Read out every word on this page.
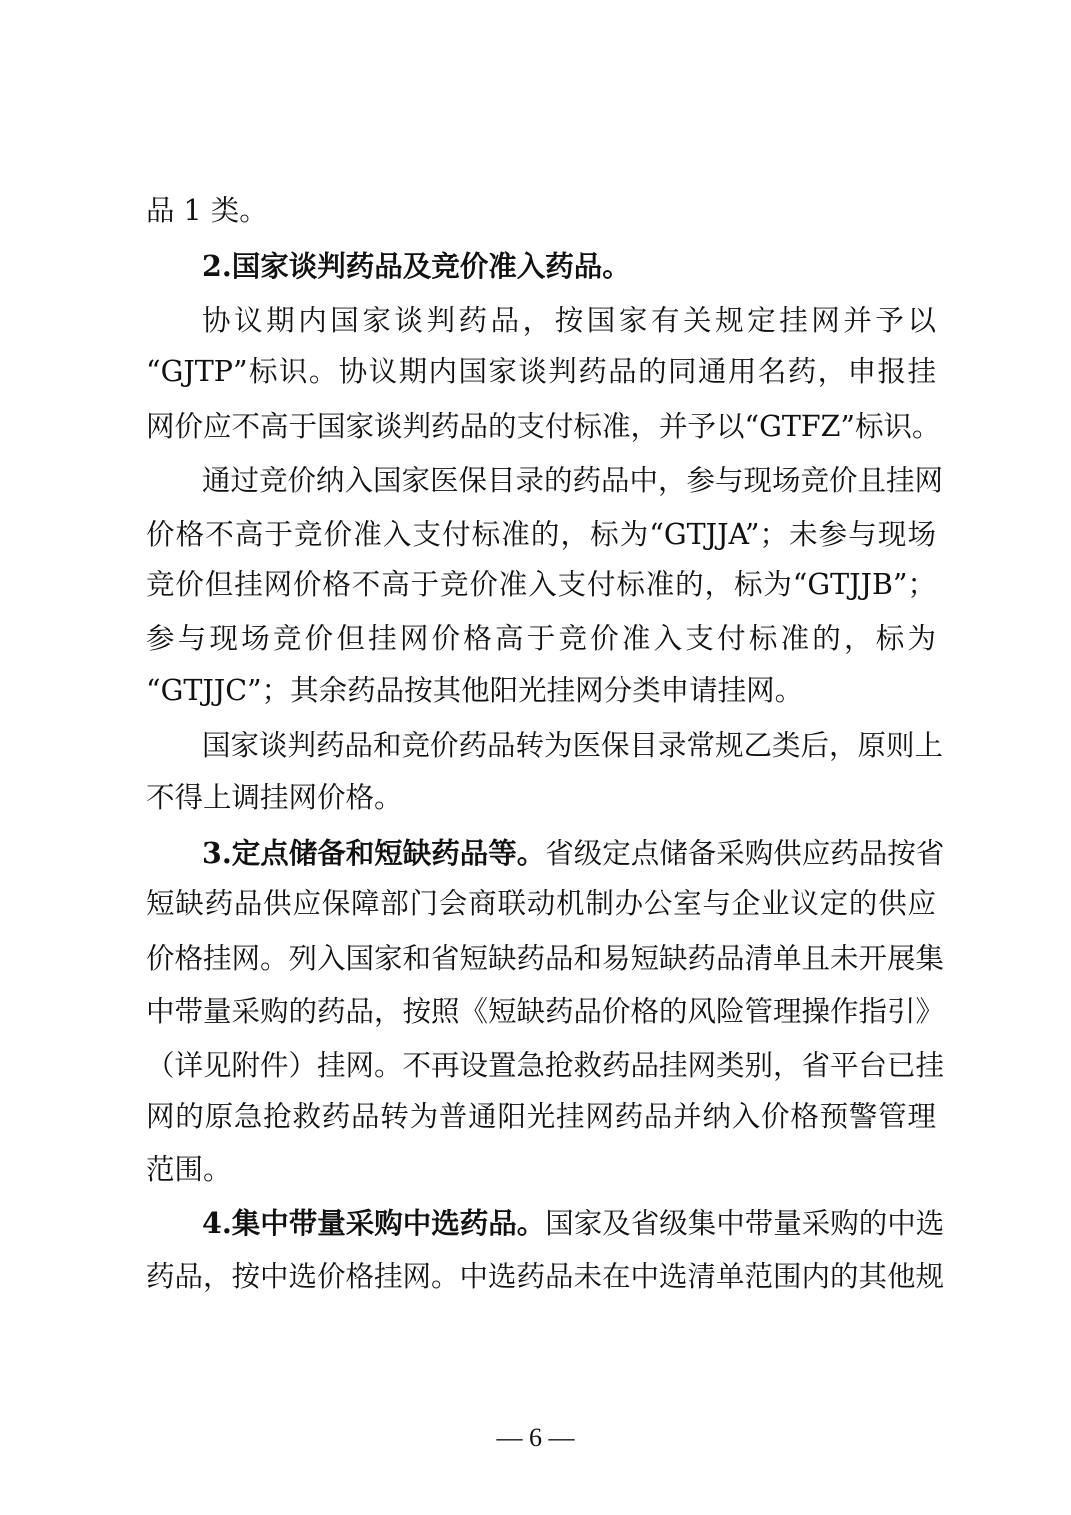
品 1 类。
2.国家谈判药品及竞价准入药品。
协议期内国家谈判药品，按国家有关规定挂网并予以
“GJTP”标识。协议期内国家谈判药品的同通用名药，申报挂
网价应不高于国家谈判药品的支付标准，并予以“GTFZ”标识。
通过竞价纳入国家医保目录的药品中，参与现场竞价且挂网
价格不高于竞价准入支付标准的，标为“GTJJA”；未参与现场
竞价但挂网价格不高于竞价准入支付标准的，标为“GTJJB”；
参与现场竞价但挂网价格高于竞价准入支付标准的，标为
“GTJJC”；其余药品按其他阳光挂网分类申请挂网。
国家谈判药品和竞价药品转为医保目录常规乙类后，原则上
不得上调挂网价格。
3.定点储备和短缺药品等。省级定点储备采购供应药品按省
短缺药品供应保障部门会商联动机制办公室与企业议定的供应
价格挂网。列入国家和省短缺药品和易短缺药品清单且未开展集
中带量采购的药品，按照《短缺药品价格的风险管理操作指引》
（详见附件）挂网。不再设置急抢救药品挂网类别，省平台已挂
网的原急抢救药品转为普通阳光挂网药品并纳入价格预警管理
范围。
4.集中带量采购中选药品。国家及省级集中带量采购的中选
药品，按中选价格挂网。中选药品未在中选清单范围内的其他规
— 6 —
